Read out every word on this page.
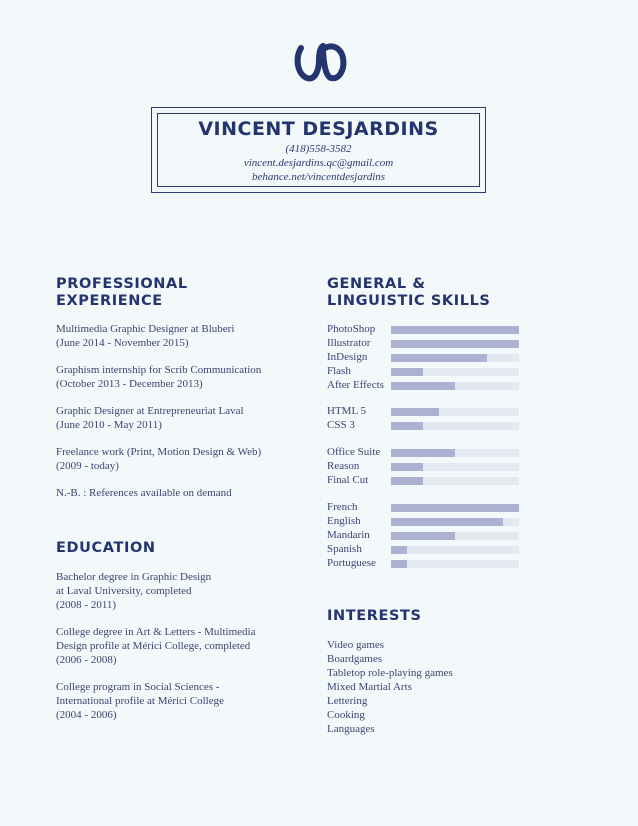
VINCENT DESJARDINS
(418)558-3582
vincent.desjardins.qc@gmail.com
behance.net/vincentdesjardins
PROFESSIONAL
EXPERIENCE
Multimedia Graphic Designer at Bluberi
(June 2014 - November 2015)
Graphism internship for Scrib Communication
(October 2013 - December 2013)
Graphic Designer at Entrepreneuriat Laval
(June 2010 - May 2011)
Freelance work (Print, Motion Design & Web)
(2009 - today)
N.-B. : References available on demand
EDUCATION
Bachelor degree in Graphic Design
at Laval University, completed
(2008 - 2011)
College degree in Art & Letters - Multimedia
Design profile at Mérici College, completed
(2006 - 2008)
College program in Social Sciences -
International profile at Mérici College
(2004 - 2006)
GENERAL &
LINGUISTIC SKILLS
PhotoShop
Illustrator
InDesign
Flash
After Effects
HTML 5
CSS 3
Office Suite
Reason
Final Cut
French
English
Mandarin
Spanish
Portuguese
INTERESTS
Video games
Boardgames
Tabletop role-playing games
Mixed Martial Arts
Lettering
Cooking
Languages
